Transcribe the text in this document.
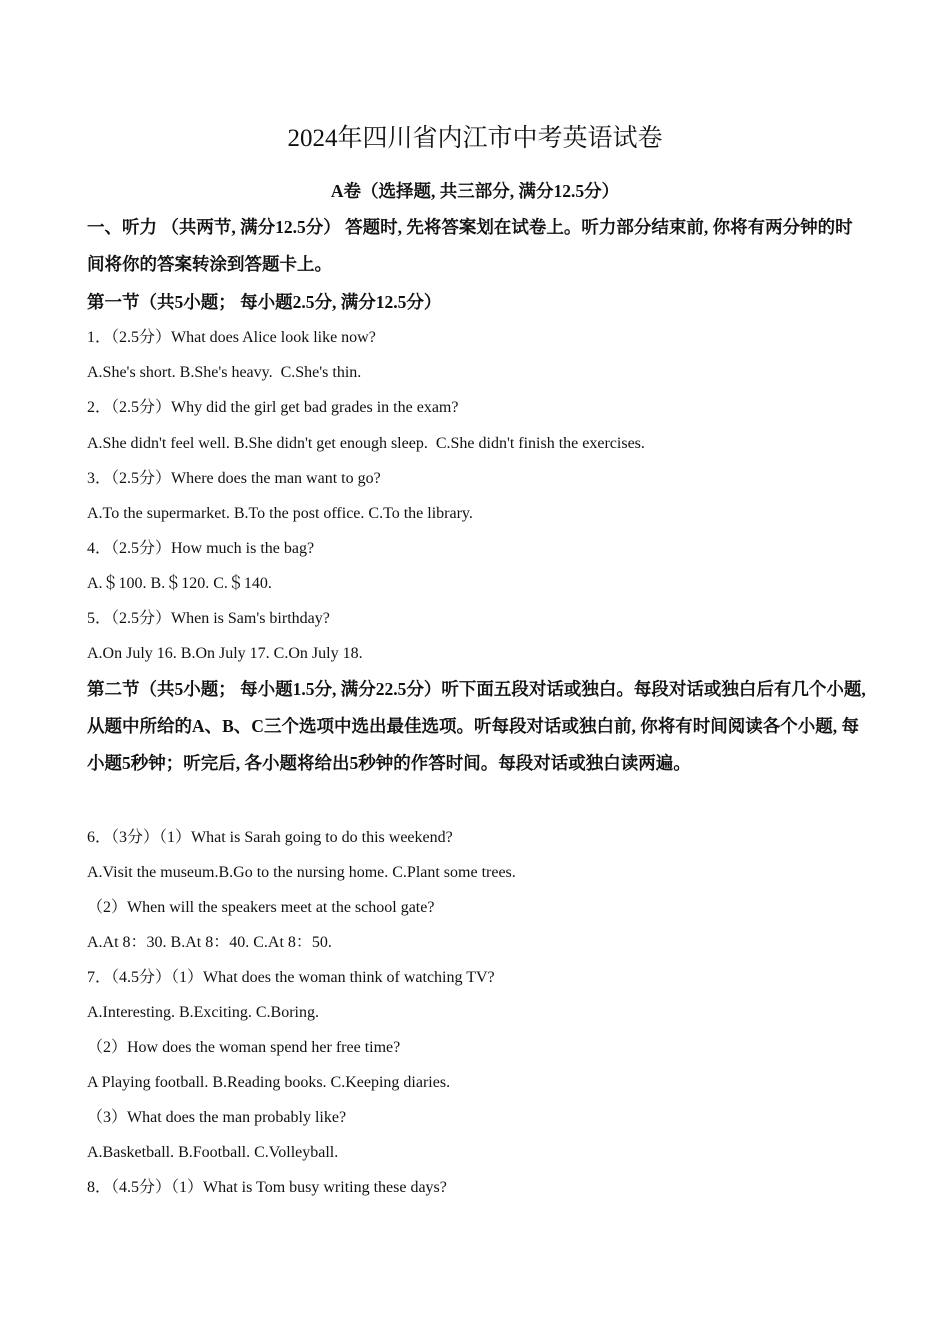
2024年四川省内江市中考英语试卷
A卷（选择题, 共三部分, 满分12.5分）
一、听力 （共两节, 满分12.5分） 答题时, 先将答案划在试卷上。听力部分结束前, 你将有两分钟的时间将你的答案转涂到答题卡上。
第一节（共5小题； 每小题2.5分, 满分12.5分）
1．（2.5分）What does Alice look like now?
A.She's short. B.She's heavy.  C.She's thin.
2．（2.5分）Why did the girl get bad grades in the exam?
A.She didn't feel well. B.She didn't get enough sleep.  C.She didn't finish the exercises.
3．（2.5分）Where does the man want to go?
A.To the supermarket. B.To the post office. C.To the library.
4．（2.5分）How much is the bag?
A.＄100. B.＄120. C.＄140.
5．（2.5分）When is Sam's birthday?
A.On July 16. B.On July 17. C.On July 18.
第二节（共5小题； 每小题1.5分, 满分22.5分）听下面五段对话或独白。每段对话或独白后有几个小题, 从题中所给的A、B、C三个选项中选出最佳选项。听每段对话或独白前, 你将有时间阅读各个小题, 每小题5秒钟；听完后, 各小题将给出5秒钟的作答时间。每段对话或独白读两遍。
6．（3分）（1）What is Sarah going to do this weekend?
A.Visit the museum.B.Go to the nursing home. C.Plant some trees.
（2）When will the speakers meet at the school gate?
A.At 8：30. B.At 8：40. C.At 8：50.
7．（4.5分）（1）What does the woman think of watching TV?
A.Interesting. B.Exciting. C.Boring.
（2）How does the woman spend her free time?
A Playing football. B.Reading books. C.Keeping diaries.
（3）What does the man probably like?
A.Basketball. B.Football. C.Volleyball.
8．（4.5分）（1）What is Tom busy writing these days?
